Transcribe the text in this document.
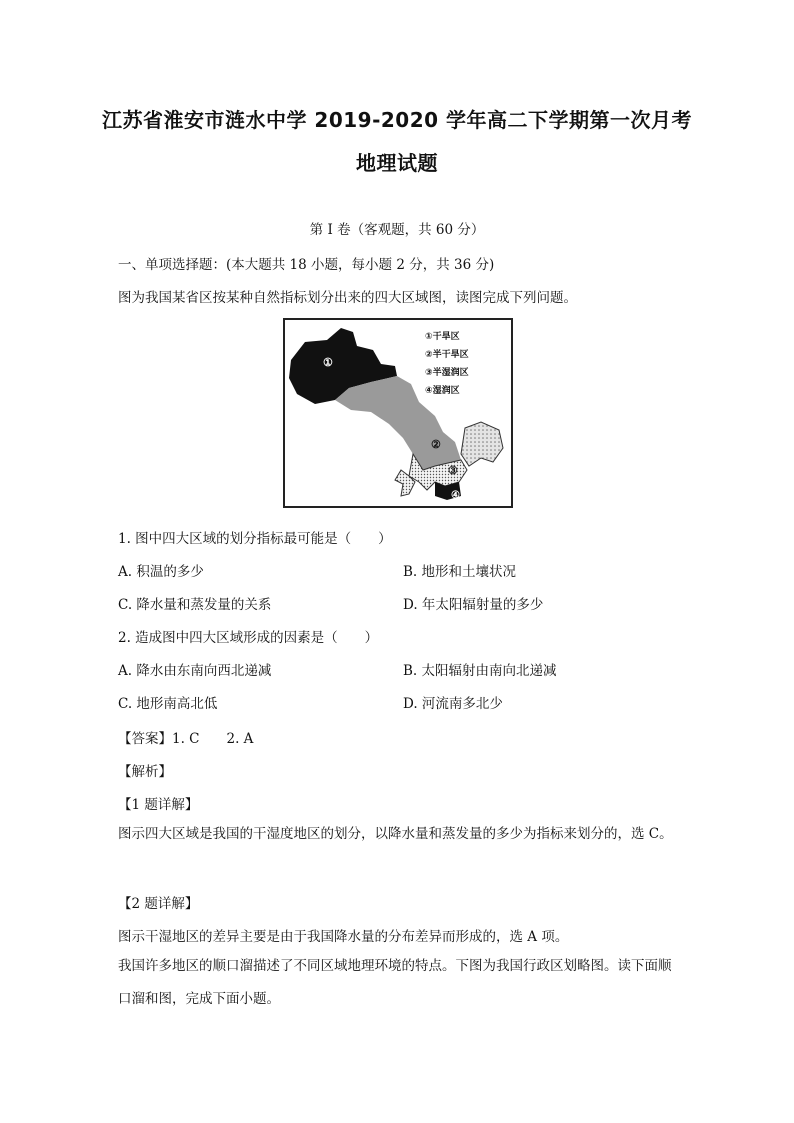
江苏省淮安市涟水中学 2019-2020 学年高二下学期第一次月考
地理试题
第 I 卷（客观题，共 60 分）
一、单项选择题：(本大题共 18 小题，每小题 2 分，共 36 分)
图为我国某省区按某种自然指标划分出来的四大区域图，读图完成下列问题。
①
②
③
④
①干旱区
②半干旱区
③半湿润区
④湿润区
1. 图中四大区域的划分指标最可能是（　　）
A. 积温的多少	B. 地形和土壤状况
C. 降水量和蒸发量的关系	D. 年太阳辐射量的多少
2. 造成图中四大区域形成的因素是（　　）
A. 降水由东南向西北递减	B. 太阳辐射由南向北递减
C. 地形南高北低	D. 河流南多北少
【答案】1. C　　2. A
【解析】
【1 题详解】
图示四大区域是我国的干湿度地区的划分，以降水量和蒸发量的多少为指标来划分的，选 C。
【2 题详解】
图示干湿地区的差异主要是由于我国降水量的分布差异而形成的，选 A 项。
我国许多地区的顺口溜描述了不同区域地理环境的特点。下图为我国行政区划略图。读下面顺口溜和图，完成下面小题。
